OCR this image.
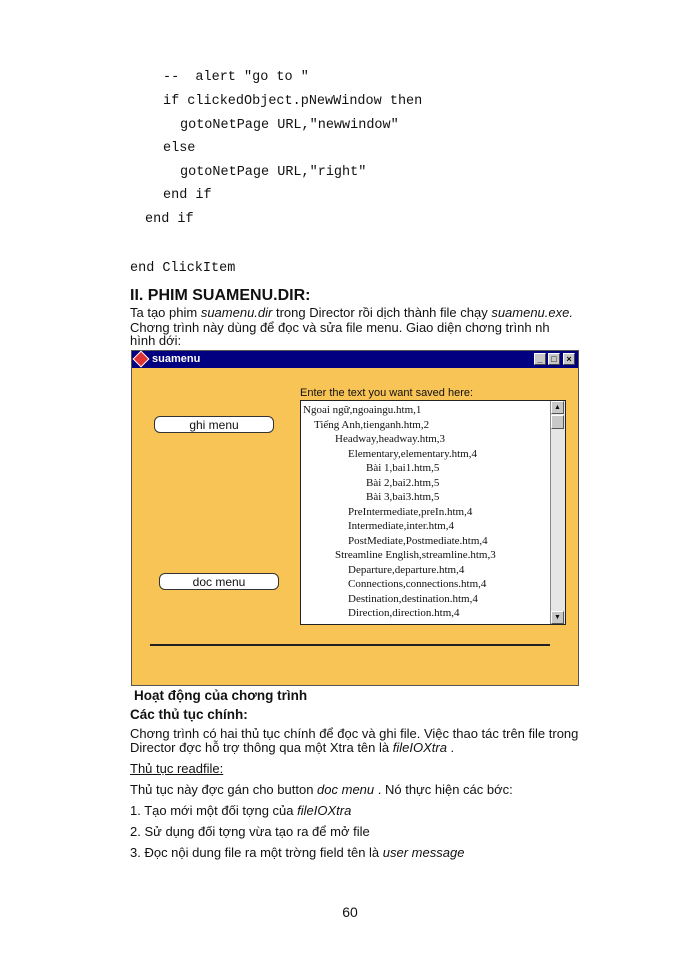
--  alert "go to "
if clickedObject.pNewWindow then
gotoNetPage URL,"newwindow"
else
gotoNetPage URL,"right"
end if
end if
end ClickItem
II. PHIM SUAMENU.DIR:
Ta tạo phim suamenu.dir trong Director rồi dịch thành file chạy suamenu.exe.
Chơng trình này dùng để đọc và sửa file menu. Giao diện chơng trình nh
hình dới:
suamenu	_ □	×
ghi menu
doc menu
Enter the text you want saved here:
Ngoai ngữ,ngoaingu.htm,1
Tiếng Anh,tienganh.htm,2
Headway,headway.htm,3
Elementary,elementary.htm,4
Bài 1,bai1.htm,5
Bài 2,bai2.htm,5
Bài 3,bai3.htm,5
PreIntermediate,preIn.htm,4
Intermediate,inter.htm,4
PostMediate,Postmediate.htm,4
Streamline English,streamline.htm,3
Departure,departure.htm,4
Connections,connections.htm,4
Destination,destination.htm,4
Direction,direction.htm,4
▲
▼
Hoạt động của chơng trình
Các thủ tục chính:
Chơng trình có hai thủ tục chính để đọc và ghi file. Việc thao tác trên file trong
Director đợc hỗ trợ thông qua một Xtra tên là fileIOXtra .
Thủ tục readfile:
Thủ tục này đợc gán cho button doc menu . Nó thực hiện các bớc:
1. Tạo mới một đối tợng của fileIOXtra
2. Sử dụng đối tợng vừa tạo ra để mở file
3. Đọc nội dung file ra một trờng field tên là user message
60
